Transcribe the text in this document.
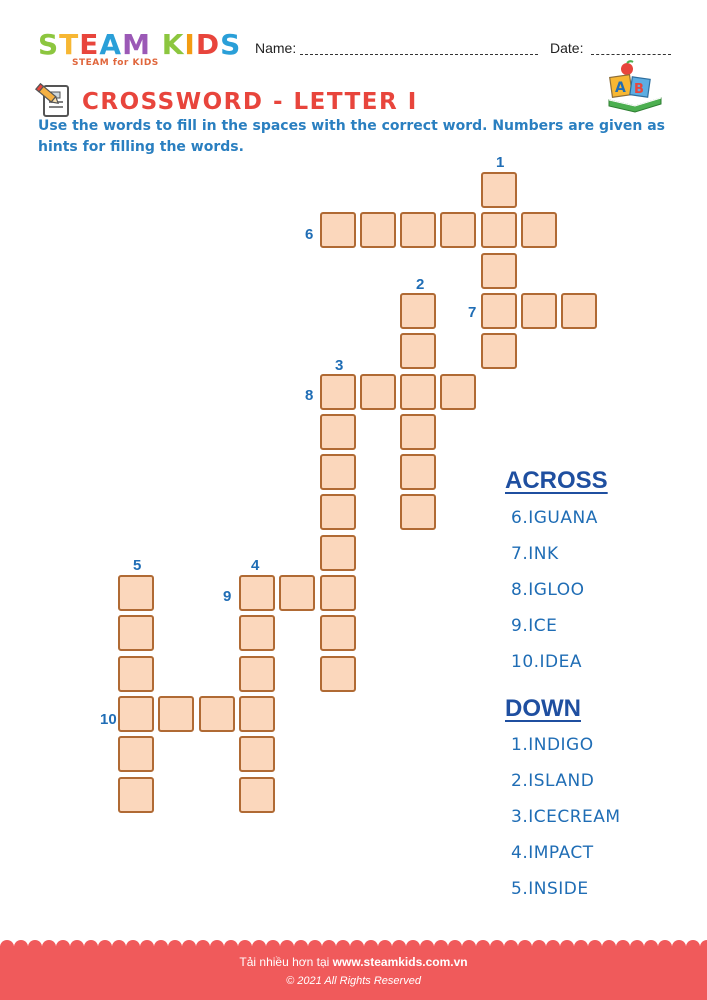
STEAM KIDS
STEAM for KIDS
Name:	Date:
CROSSWORD - LETTER I
A B
Use the words to fill in the spaces with the correct word. Numbers are given as hints for filling the words.
1
2
3
4
5
6
7
8
9
10
ACROSS
6.IGUANA
7.INK
8.IGLOO
9.ICE
10.IDEA
DOWN
1.INDIGO
2.ISLAND
3.ICECREAM
4.IMPACT
5.INSIDE
Tải nhiều hơn tại www.steamkids.com.vn
© 2021 All Rights Reserved
